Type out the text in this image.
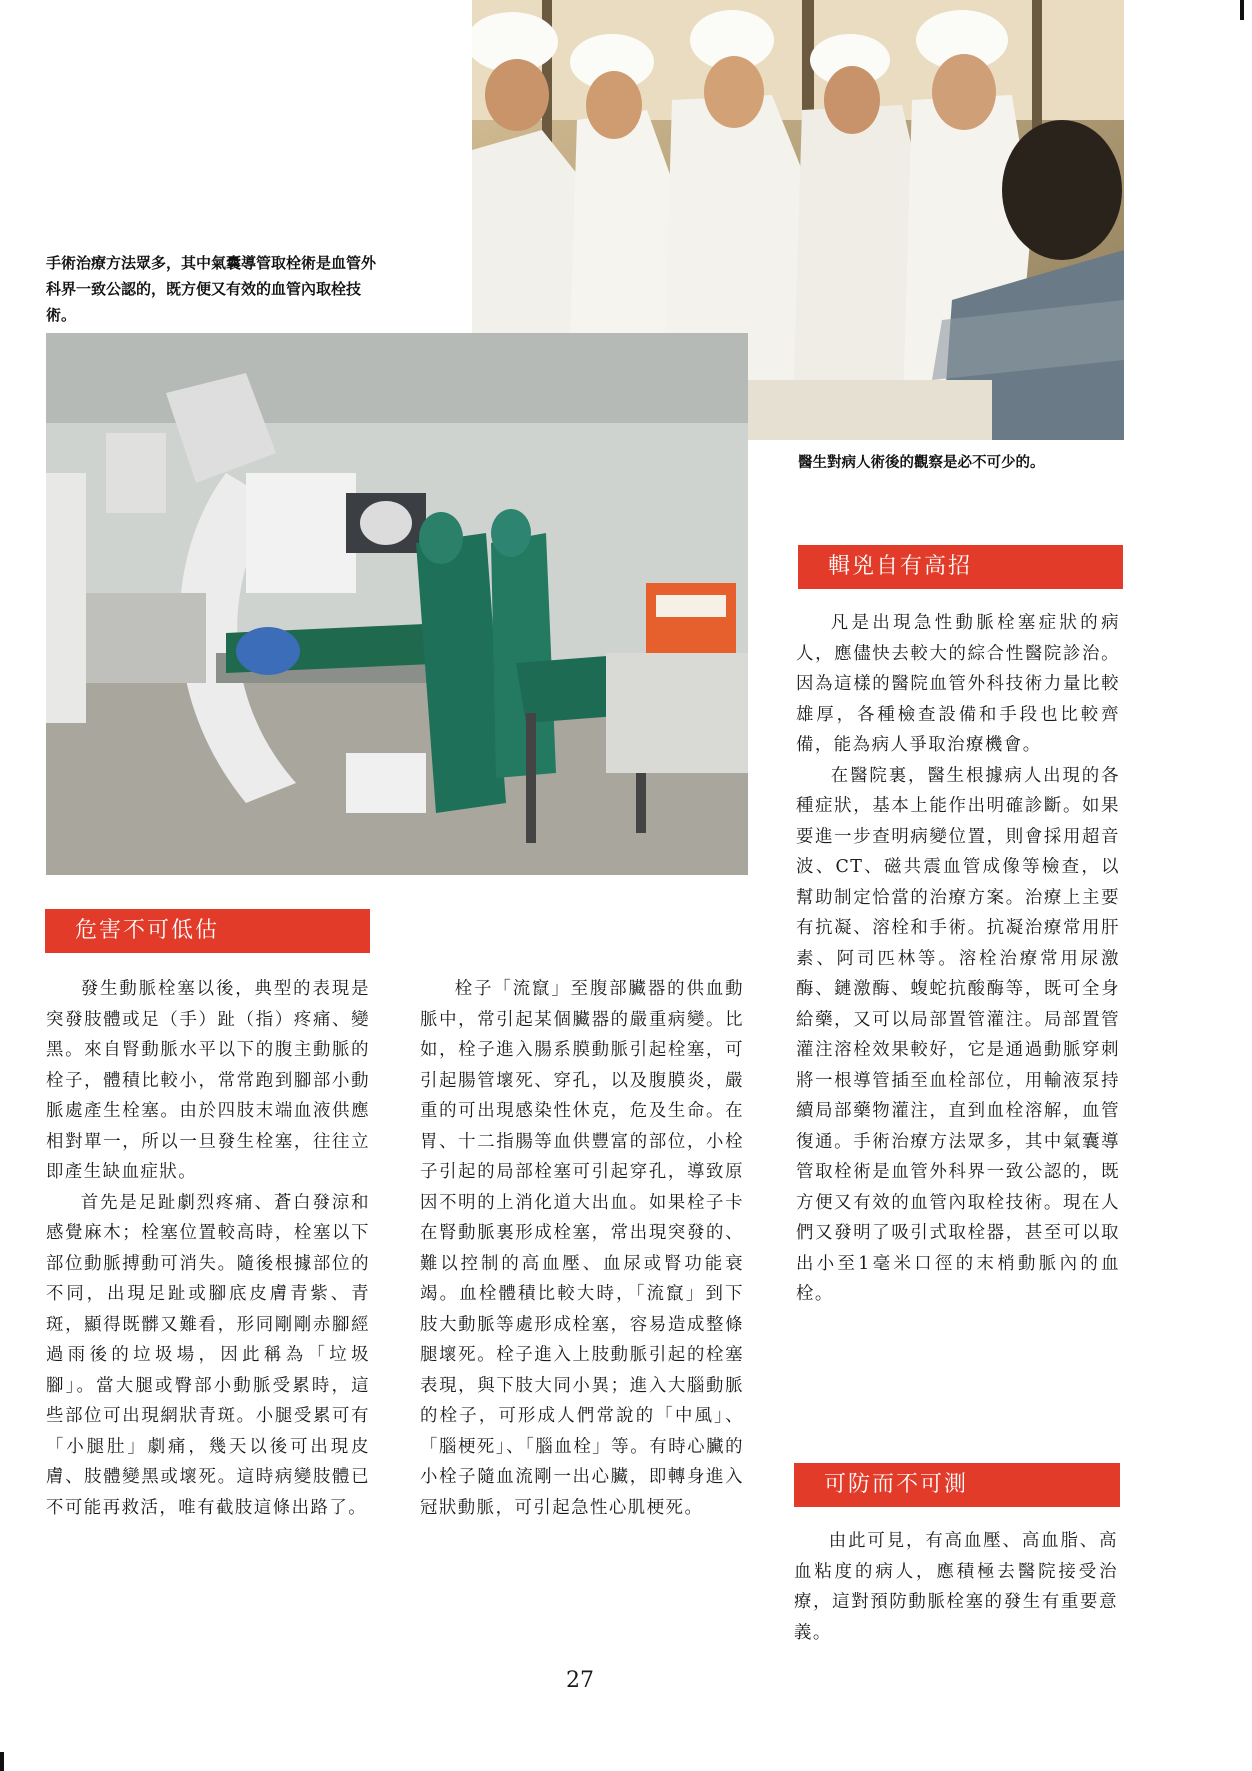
手術治療方法眾多，其中氣囊導管取栓術是血管外科界一致公認的，既方便又有效的血管內取栓技術。
醫生對病人術後的觀察是必不可少的。
危害不可低估
輯兇自有高招
可防而不可測

發生動脈栓塞以後，典型的表現是突發肢體或足（手）趾（指）疼痛、變黑。來自腎動脈水平以下的腹主動脈的栓子，體積比較小，常常跑到腳部小動脈處產生栓塞。由於四肢末端血液供應相對單一，所以一旦發生栓塞，往往立即產生缺血症狀。

首先是足趾劇烈疼痛、蒼白發涼和感覺麻木；栓塞位置較高時，栓塞以下部位動脈搏動可消失。隨後根據部位的不同，出現足趾或腳底皮膚青紫、青斑，顯得既髒又難看，形同剛剛赤腳經過雨後的垃圾場，因此稱為「垃圾腳」。當大腿或臀部小動脈受累時，這些部位可出現網狀青斑。小腿受累可有「小腿肚」劇痛，幾天以後可出現皮膚、肢體變黑或壞死。這時病變肢體已不可能再救活，唯有截肢這條出路了。

栓子「流竄」至腹部臟器的供血動脈中，常引起某個臟器的嚴重病變。比如，栓子進入腸系膜動脈引起栓塞，可引起腸管壞死、穿孔，以及腹膜炎，嚴重的可出現感染性休克，危及生命。在胃、十二指腸等血供豐富的部位，小栓子引起的局部栓塞可引起穿孔，導致原因不明的上消化道大出血。如果栓子卡在腎動脈裏形成栓塞，常出現突發的、難以控制的高血壓、血尿或腎功能衰竭。血栓體積比較大時，「流竄」到下肢大動脈等處形成栓塞，容易造成整條腿壞死。栓子進入上肢動脈引起的栓塞表現，與下肢大同小異；進入大腦動脈的栓子，可形成人們常說的「中風」、「腦梗死」、「腦血栓」等。有時心臟的小栓子隨血流剛一出心臟，即轉身進入冠狀動脈，可引起急性心肌梗死。

凡是出現急性動脈栓塞症狀的病人，應儘快去較大的綜合性醫院診治。因為這樣的醫院血管外科技術力量比較雄厚，各種檢查設備和手段也比較齊備，能為病人爭取治療機會。

在醫院裏，醫生根據病人出現的各種症狀，基本上能作出明確診斷。如果要進一步查明病變位置，則會採用超音波、CT、磁共震血管成像等檢查，以幫助制定恰當的治療方案。治療上主要有抗凝、溶栓和手術。抗凝治療常用肝素、阿司匹林等。溶栓治療常用尿激酶、鏈激酶、蝮蛇抗酸酶等，既可全身給藥，又可以局部置管灌注。局部置管灌注溶栓效果較好，它是通過動脈穿刺將一根導管插至血栓部位，用輸液泵持續局部藥物灌注，直到血栓溶解，血管復通。手術治療方法眾多，其中氣囊導管取栓術是血管外科界一致公認的，既方便又有效的血管內取栓技術。現在人們又發明了吸引式取栓器，甚至可以取出小至1毫米口徑的末梢動脈內的血栓。

由此可見，有高血壓、高血脂、高血粘度的病人，應積極去醫院接受治療，這對預防動脈栓塞的發生有重要意義。

27
